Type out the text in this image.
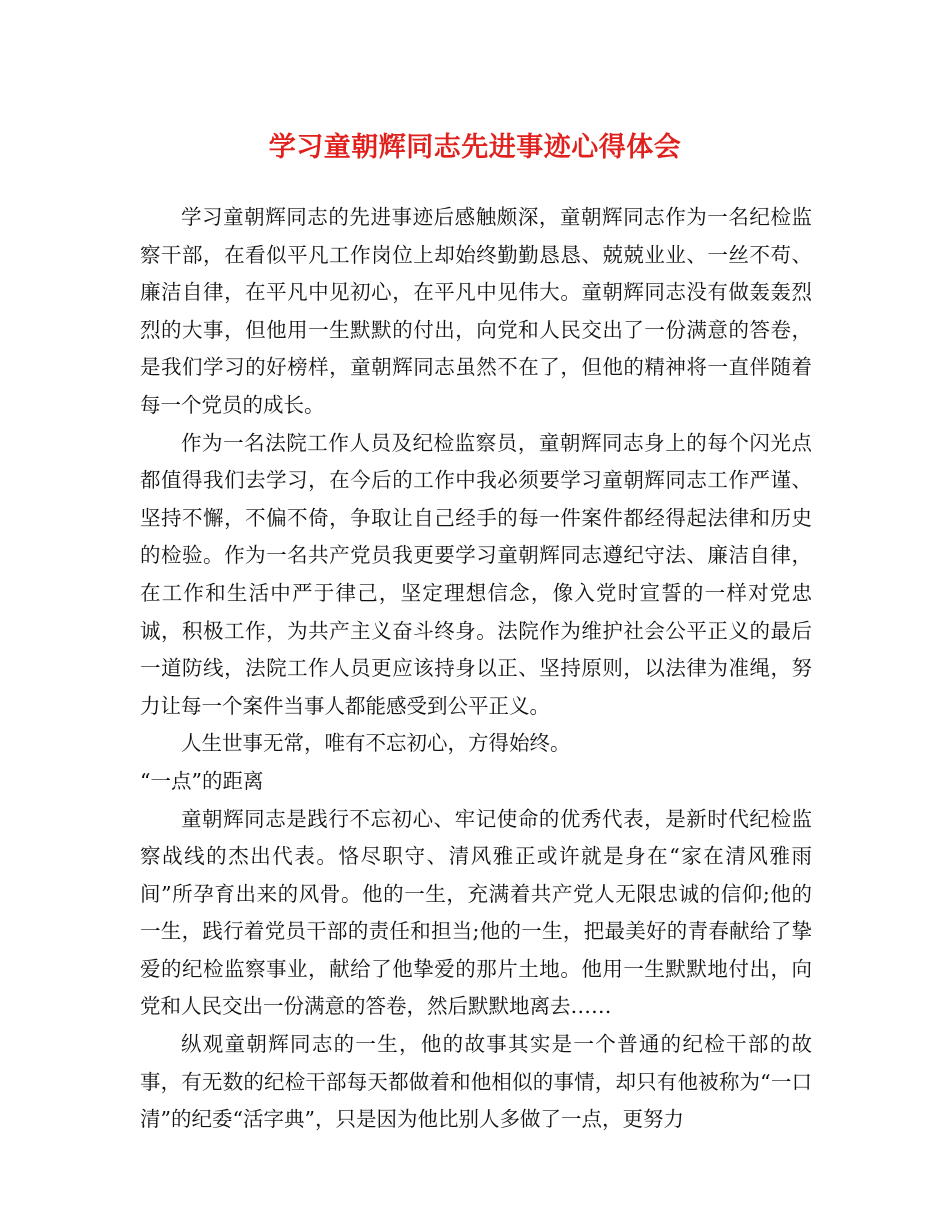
学习童朝辉同志先进事迹心得体会

学习童朝辉同志的先进事迹后感触颇深，童朝辉同志作为一名纪检监察干部，在看似平凡工作岗位上却始终勤勤恳恳、兢兢业业、一丝不苟、廉洁自律，在平凡中见初心，在平凡中见伟大。童朝辉同志没有做轰轰烈烈的大事，但他用一生默默的付出，向党和人民交出了一份满意的答卷，是我们学习的好榜样，童朝辉同志虽然不在了，但他的精神将一直伴随着每一个党员的成长。

作为一名法院工作人员及纪检监察员，童朝辉同志身上的每个闪光点都值得我们去学习，在今后的工作中我必须要学习童朝辉同志工作严谨、坚持不懈，不偏不倚，争取让自己经手的每一件案件都经得起法律和历史的检验。作为一名共产党员我更要学习童朝辉同志遵纪守法、廉洁自律，在工作和生活中严于律己，坚定理想信念，像入党时宣誓的一样对党忠诚，积极工作，为共产主义奋斗终身。法院作为维护社会公平正义的最后一道防线，法院工作人员更应该持身以正、坚持原则，以法律为准绳，努力让每一个案件当事人都能感受到公平正义。

人生世事无常，唯有不忘初心，方得始终。

“一点”的距离

童朝辉同志是践行不忘初心、牢记使命的优秀代表，是新时代纪检监察战线的杰出代表。恪尽职守、清风雅正或许就是身在“家在清风雅雨间”所孕育出来的风骨。他的一生，充满着共产党人无限忠诚的信仰;他的一生，践行着党员干部的责任和担当;他的一生，把最美好的青春献给了挚爱的纪检监察事业，献给了他挚爱的那片土地。他用一生默默地付出，向党和人民交出一份满意的答卷，然后默默地离去……

纵观童朝辉同志的一生，他的故事其实是一个普通的纪检干部的故事，有无数的纪检干部每天都做着和他相似的事情，却只有他被称为“一口清”的纪委“活字典”，只是因为他比别人多做了一点，更努力
